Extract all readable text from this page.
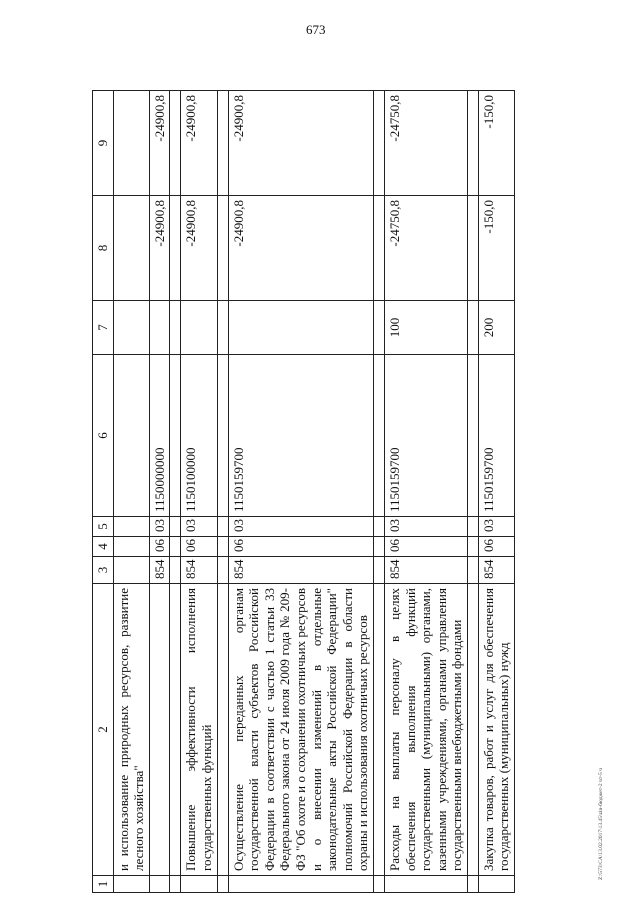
673
1	2	3	4	5	6	7	8	9
	и использование природных ресурсов, развитие лесного хозяйства"							
		854	06	03	1150000000		-24900,8	-24900,8

	Повышение эффективности исполнения государственных функций	854	06	03	1150100000		-24900,8	-24900,8

	Осуществление переданных органам государственной власти субъектов Российской Федерации в соответствии с частью 1 статьи 33 Федерального закона от 24 июля 2009 года № 209-ФЗ "Об охоте и о сохранении охотничьих ресурсов и о внесении изменений в отдельные законодательные акты Российской Федерации" полномочий Российской Федерации в области охраны и использования охотничьих ресурсов	854	06	03	1150159700		-24900,8	-24900,8

	Расходы на выплаты персоналу в целях обеспечения выполнения функций государственными (муниципальными) органами, казенными учреждениями, органами управления государственными внебюджетными фондами	854	06	03	1150159700	100	-24750,8	-24750,8

	Закупка товаров, работ и услуг для обеспечения государственных (муниципальных) нужд	854	06	03	1150159700	200	-150,0	-150,0
Z:\573\CA\13.02.2017\13.45\zin-бюджет-2 чт-5 ч
